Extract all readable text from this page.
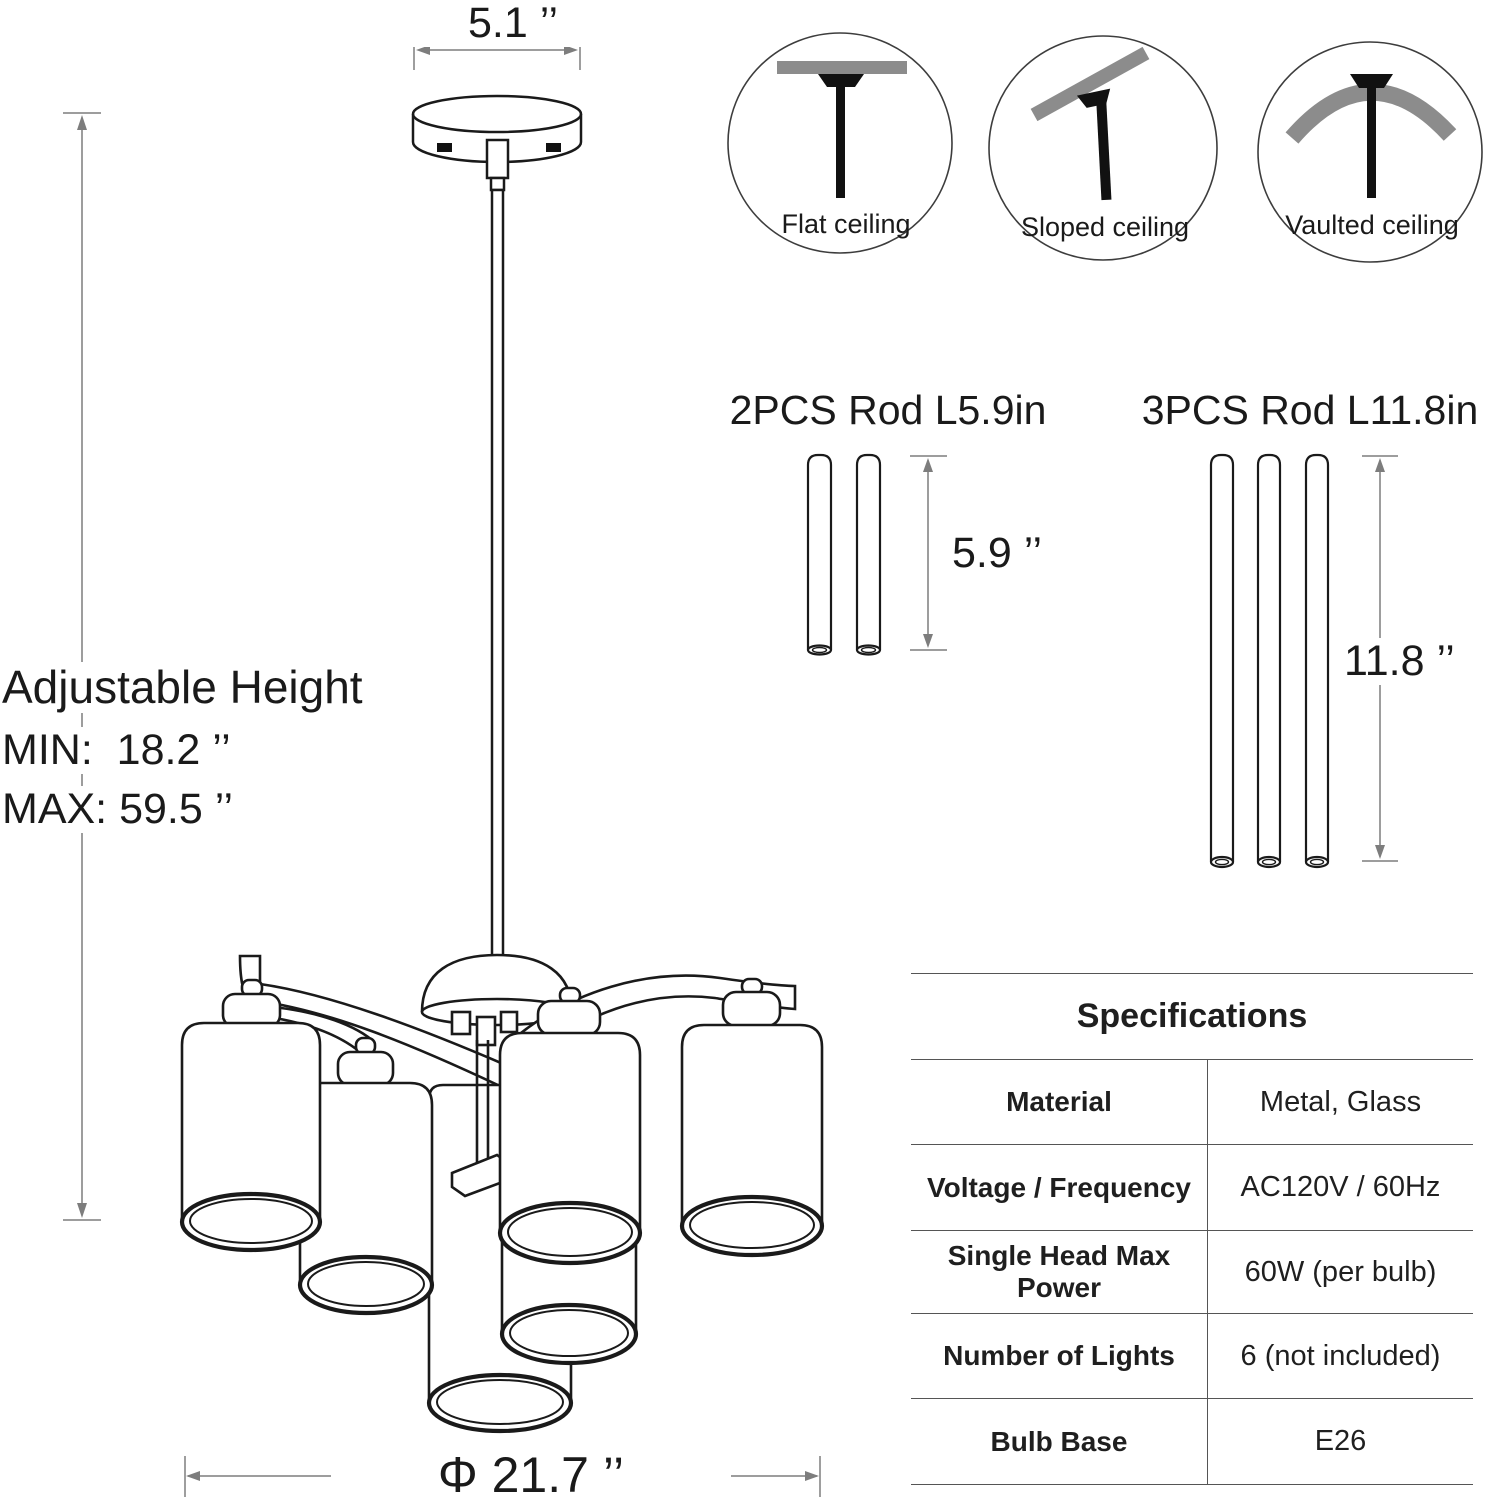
5.1 ’’
Adjustable Height
MIN:  18.2 ’’
MAX: 59.5 ’’
Flat ceiling	Sloped ceiling	Vaulted ceiling
2PCS Rod L5.9in	3PCS Rod L11.8in
5.9 ’’
11.8 ’’
Φ 21.7 ’’
Specifications
Material	Metal, Glass
Voltage / Frequency	AC120V / 60Hz
Single Head Max Power	60W (per bulb)
Number of Lights	6 (not included)
Bulb Base	E26
